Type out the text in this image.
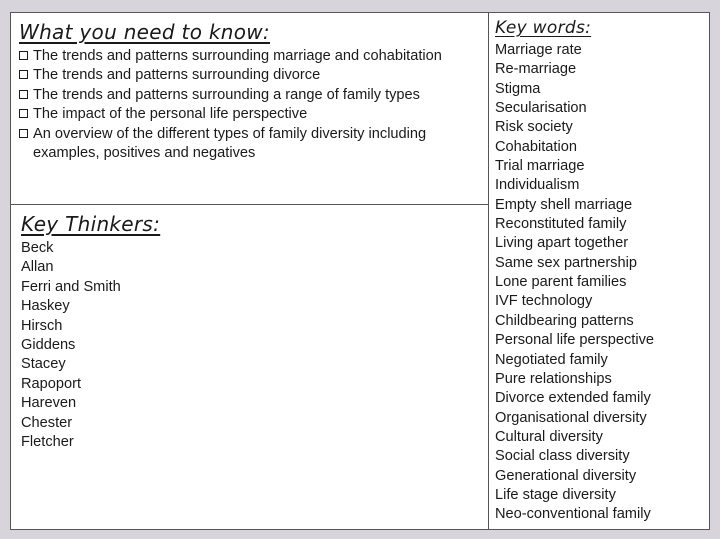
What you need to know:
The trends and patterns surrounding marriage and cohabitation
The trends and patterns surrounding divorce
The trends and patterns surrounding a range of family types
The impact of the personal life perspective
An overview of the different types of family diversity including examples, positives and negatives
Key Thinkers:
Beck
Allan
Ferri and Smith
Haskey
Hirsch
Giddens
Stacey
Rapoport
Hareven
Chester
Fletcher
Key words:
Marriage rate
Re-marriage
Stigma
Secularisation
Risk society
Cohabitation
Trial marriage
Individualism
Empty shell marriage
Reconstituted family
Living apart together
Same sex partnership
Lone parent families
IVF technology
Childbearing patterns
Personal life perspective
Negotiated family
Pure relationships
Divorce extended family
Organisational diversity
Cultural diversity
Social class diversity
Generational diversity
Life stage diversity
Neo-conventional family
